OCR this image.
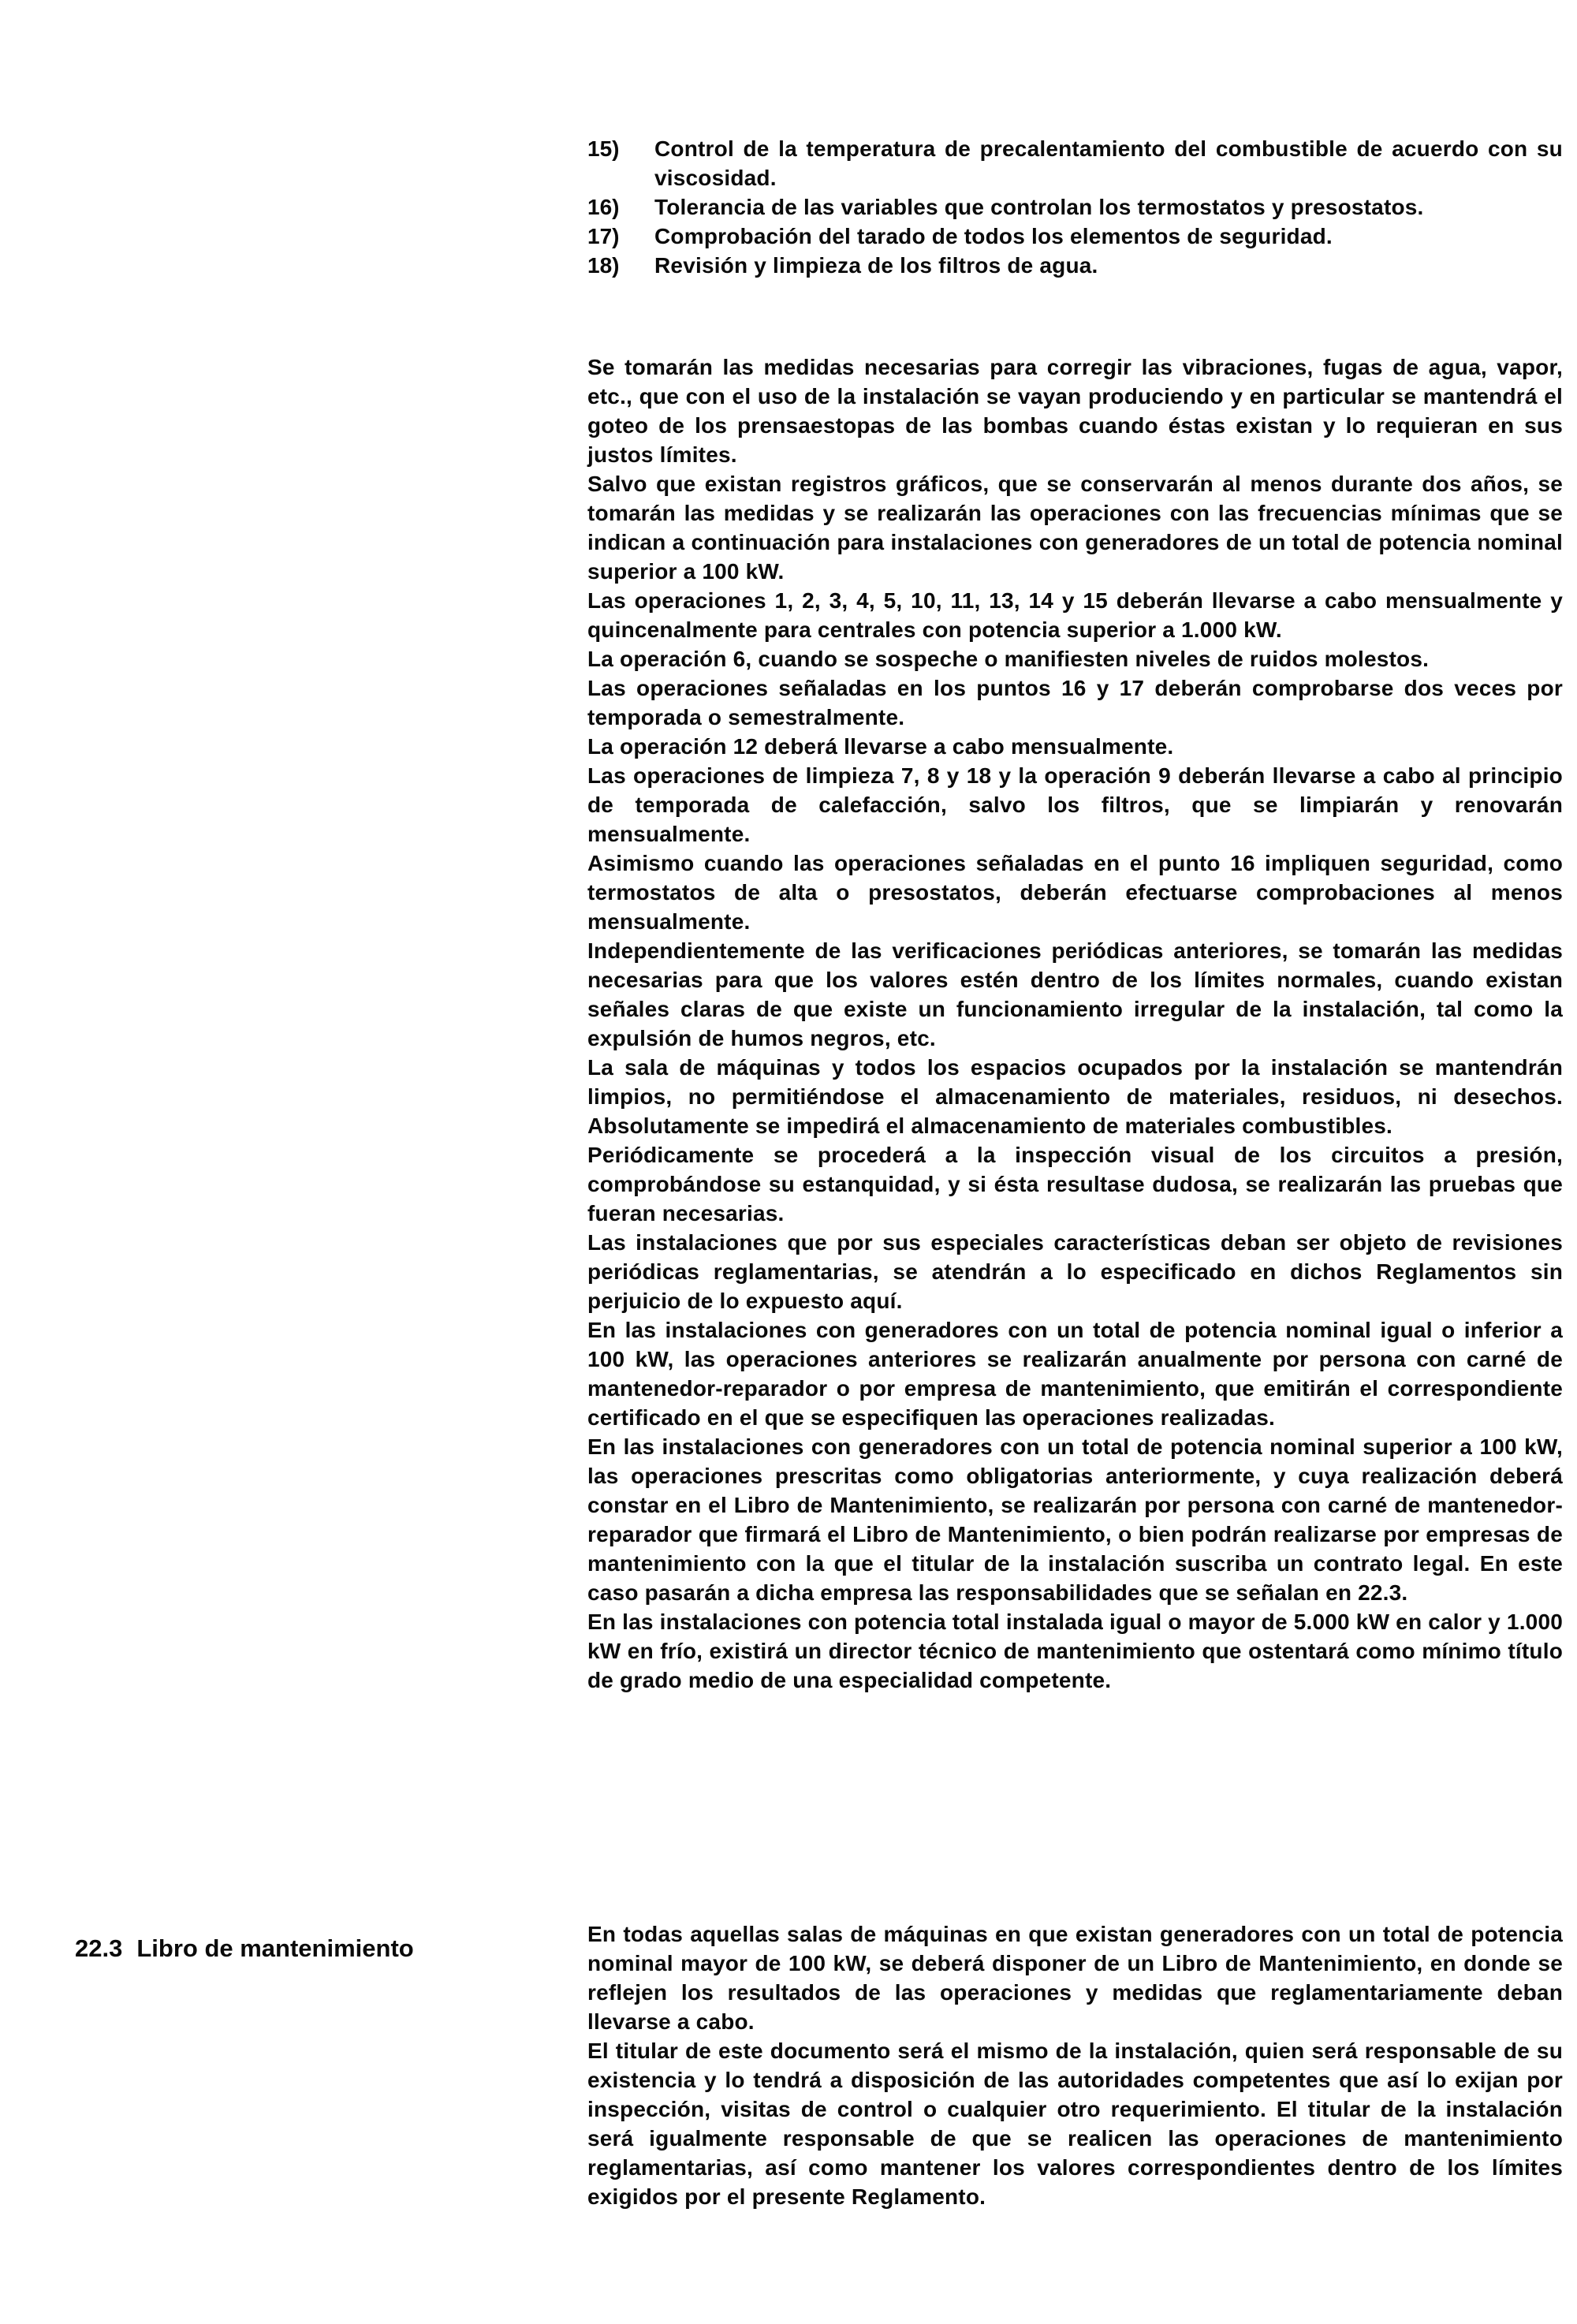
15)	Control de la temperatura de precalentamiento del combustible de acuerdo con su viscosidad.
16)	Tolerancia de las variables que controlan los termostatos y presostatos.
17)	Comprobación del tarado de todos los elementos de seguridad.
18)	Revisión y limpieza de los filtros de agua.

Se tomarán las medidas necesarias para corregir las vibraciones, fugas de agua, vapor, etc., que con el uso de la instalación se vayan produciendo y en particular se mantendrá el goteo de los prensaestopas de las bombas cuando éstas existan y lo requieran en sus justos límites.

Salvo que existan registros gráficos, que se conservarán al menos durante dos años, se tomarán las medidas y se realizarán las operaciones con las frecuencias mínimas que se indican a continuación para instalaciones con generadores de un total de potencia nominal superior a 100 kW.

Las operaciones 1, 2, 3, 4, 5, 10, 11, 13, 14 y 15 deberán llevarse a cabo mensualmente y quincenalmente para centrales con potencia superior a 1.000 kW.

La operación 6, cuando se sospeche o manifiesten niveles de ruidos molestos.

Las operaciones señaladas en los puntos 16 y 17 deberán comprobarse dos veces por temporada o semestralmente.

La operación 12 deberá llevarse a cabo mensualmente.

Las operaciones de limpieza 7, 8 y 18 y la operación 9 deberán llevarse a cabo al principio de temporada de calefacción, salvo los filtros, que se limpiarán y renovarán mensualmente.

Asimismo cuando las operaciones señaladas en el punto 16 impliquen seguridad, como termostatos de alta o presostatos, deberán efectuarse comprobaciones al menos mensualmente.

Independientemente de las verificaciones periódicas anteriores, se tomarán las medidas necesarias para que los valores estén dentro de los límites normales, cuando existan señales claras de que existe un funcionamiento irregular de la instalación, tal como la expulsión de humos negros, etc.

La sala de máquinas y todos los espacios ocupados por la instalación se mantendrán limpios, no permitiéndose el almacenamiento de materiales, residuos, ni desechos. Absolutamente se impedirá el almacenamiento de materiales combustibles.

Periódicamente se procederá a la inspección visual de los circuitos a presión, comprobándose su estanquidad, y si ésta resultase dudosa, se realizarán las pruebas que fueran necesarias.

Las instalaciones que por sus especiales características deban ser objeto de revisiones periódicas reglamentarias, se atendrán a lo especificado en dichos Reglamentos sin perjuicio de lo expuesto aquí.

En las instalaciones con generadores con un total de potencia nominal igual o inferior a 100 kW, las operaciones anteriores se realizarán anualmente por persona con carné de mantenedor-reparador o por empresa de mantenimiento, que emitirán el correspondiente certificado en el que se especifiquen las operaciones realizadas.

En las instalaciones con generadores con un total de potencia nominal superior a 100 kW, las operaciones prescritas como obligatorias anteriormente, y cuya realización deberá constar en el Libro de Mantenimiento, se realizarán por persona con carné de mantenedor-reparador que firmará el Libro de Mantenimiento, o bien podrán realizarse por empresas de mantenimiento con la que el titular de la instalación suscriba un contrato legal. En este caso pasarán a dicha empresa las responsabilidades que se señalan en 22.3.

En las instalaciones con potencia total instalada igual o mayor de 5.000 kW en calor y 1.000 kW en frío, existirá un director técnico de mantenimiento que ostentará como mínimo título de grado medio de una especialidad competente.

22.3 Libro de mantenimiento

En todas aquellas salas de máquinas en que existan generadores con un total de potencia nominal mayor de 100 kW, se deberá disponer de un Libro de Mantenimiento, en donde se reflejen los resultados de las operaciones y medidas que reglamentariamente deban llevarse a cabo.

El titular de este documento será el mismo de la instalación, quien será responsable de su existencia y lo tendrá a disposición de las autoridades competentes que así lo exijan por inspección, visitas de control o cualquier otro requerimiento. El titular de la instalación será igualmente responsable de que se realicen las operaciones de mantenimiento reglamentarias, así como mantener los valores correspondientes dentro de los límites exigidos por el presente Reglamento.
